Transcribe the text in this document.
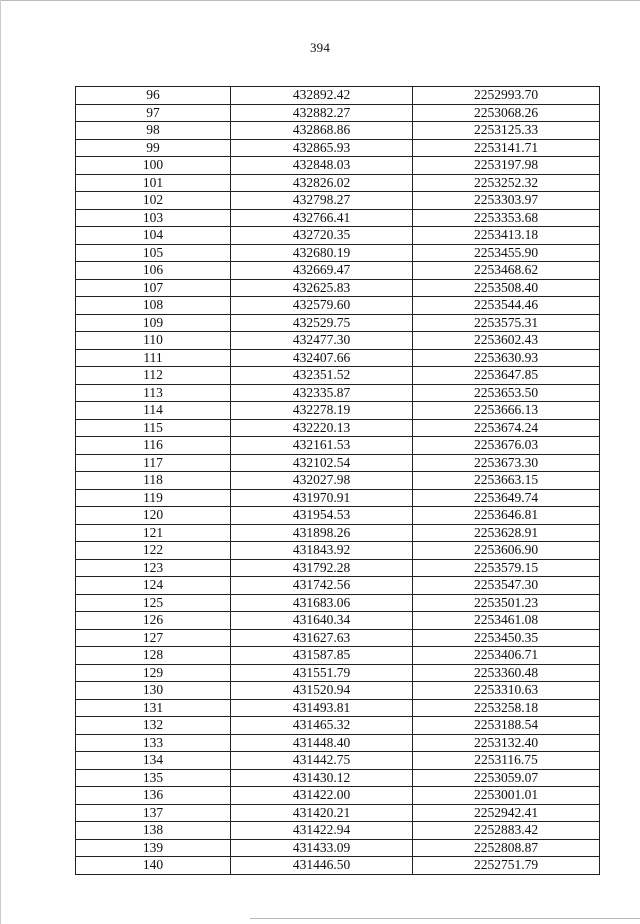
394
96	432892.42	2252993.70
97	432882.27	2253068.26
98	432868.86	2253125.33
99	432865.93	2253141.71
100	432848.03	2253197.98
101	432826.02	2253252.32
102	432798.27	2253303.97
103	432766.41	2253353.68
104	432720.35	2253413.18
105	432680.19	2253455.90
106	432669.47	2253468.62
107	432625.83	2253508.40
108	432579.60	2253544.46
109	432529.75	2253575.31
110	432477.30	2253602.43
111	432407.66	2253630.93
112	432351.52	2253647.85
113	432335.87	2253653.50
114	432278.19	2253666.13
115	432220.13	2253674.24
116	432161.53	2253676.03
117	432102.54	2253673.30
118	432027.98	2253663.15
119	431970.91	2253649.74
120	431954.53	2253646.81
121	431898.26	2253628.91
122	431843.92	2253606.90
123	431792.28	2253579.15
124	431742.56	2253547.30
125	431683.06	2253501.23
126	431640.34	2253461.08
127	431627.63	2253450.35
128	431587.85	2253406.71
129	431551.79	2253360.48
130	431520.94	2253310.63
131	431493.81	2253258.18
132	431465.32	2253188.54
133	431448.40	2253132.40
134	431442.75	2253116.75
135	431430.12	2253059.07
136	431422.00	2253001.01
137	431420.21	2252942.41
138	431422.94	2252883.42
139	431433.09	2252808.87
140	431446.50	2252751.79
